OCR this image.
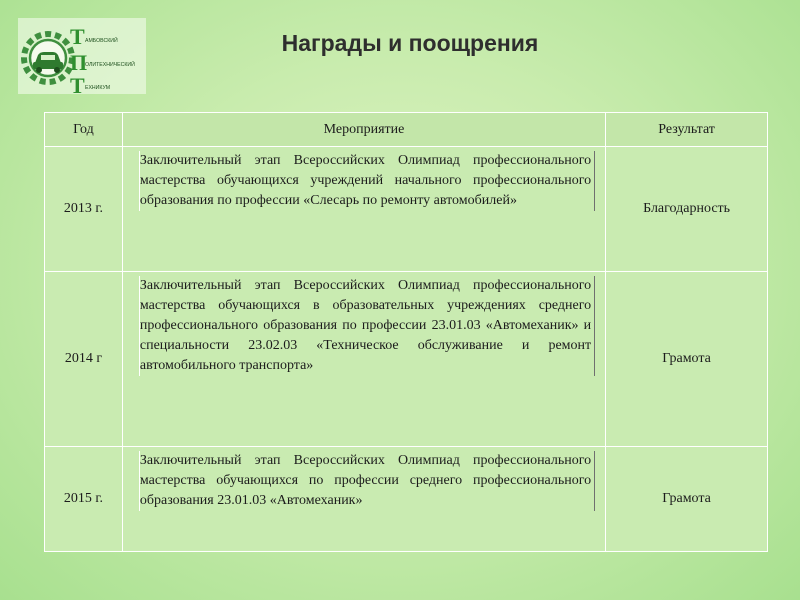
Т
П
Т
АМБОВСКИЙ
ОЛИТЕХНИЧЕСКИЙ
ЕХНИКУМ
Награды и поощрения
Год	Мероприятие	Результат
2013 г.	Заключительный этап Всероссийских Олимпиад профессионального мастерства обучающихся учреждений начального профессионального образования по профессии «Слесарь по ремонту автомобилей»	Благодарность
2014 г	Заключительный этап Всероссийских Олимпиад профессионального мастерства обучающихся в образовательных учреждениях среднего профессионального образования по профессии 23.01.03 «Автомеханик» и специальности 23.02.03 «Техническое обслуживание и ремонт автомобильного транспорта»	Грамота
2015 г.	Заключительный этап Всероссийских Олимпиад профессионального мастерства обучающихся по профессии среднего профессионального образования 23.01.03 «Автомеханик»	Грамота
